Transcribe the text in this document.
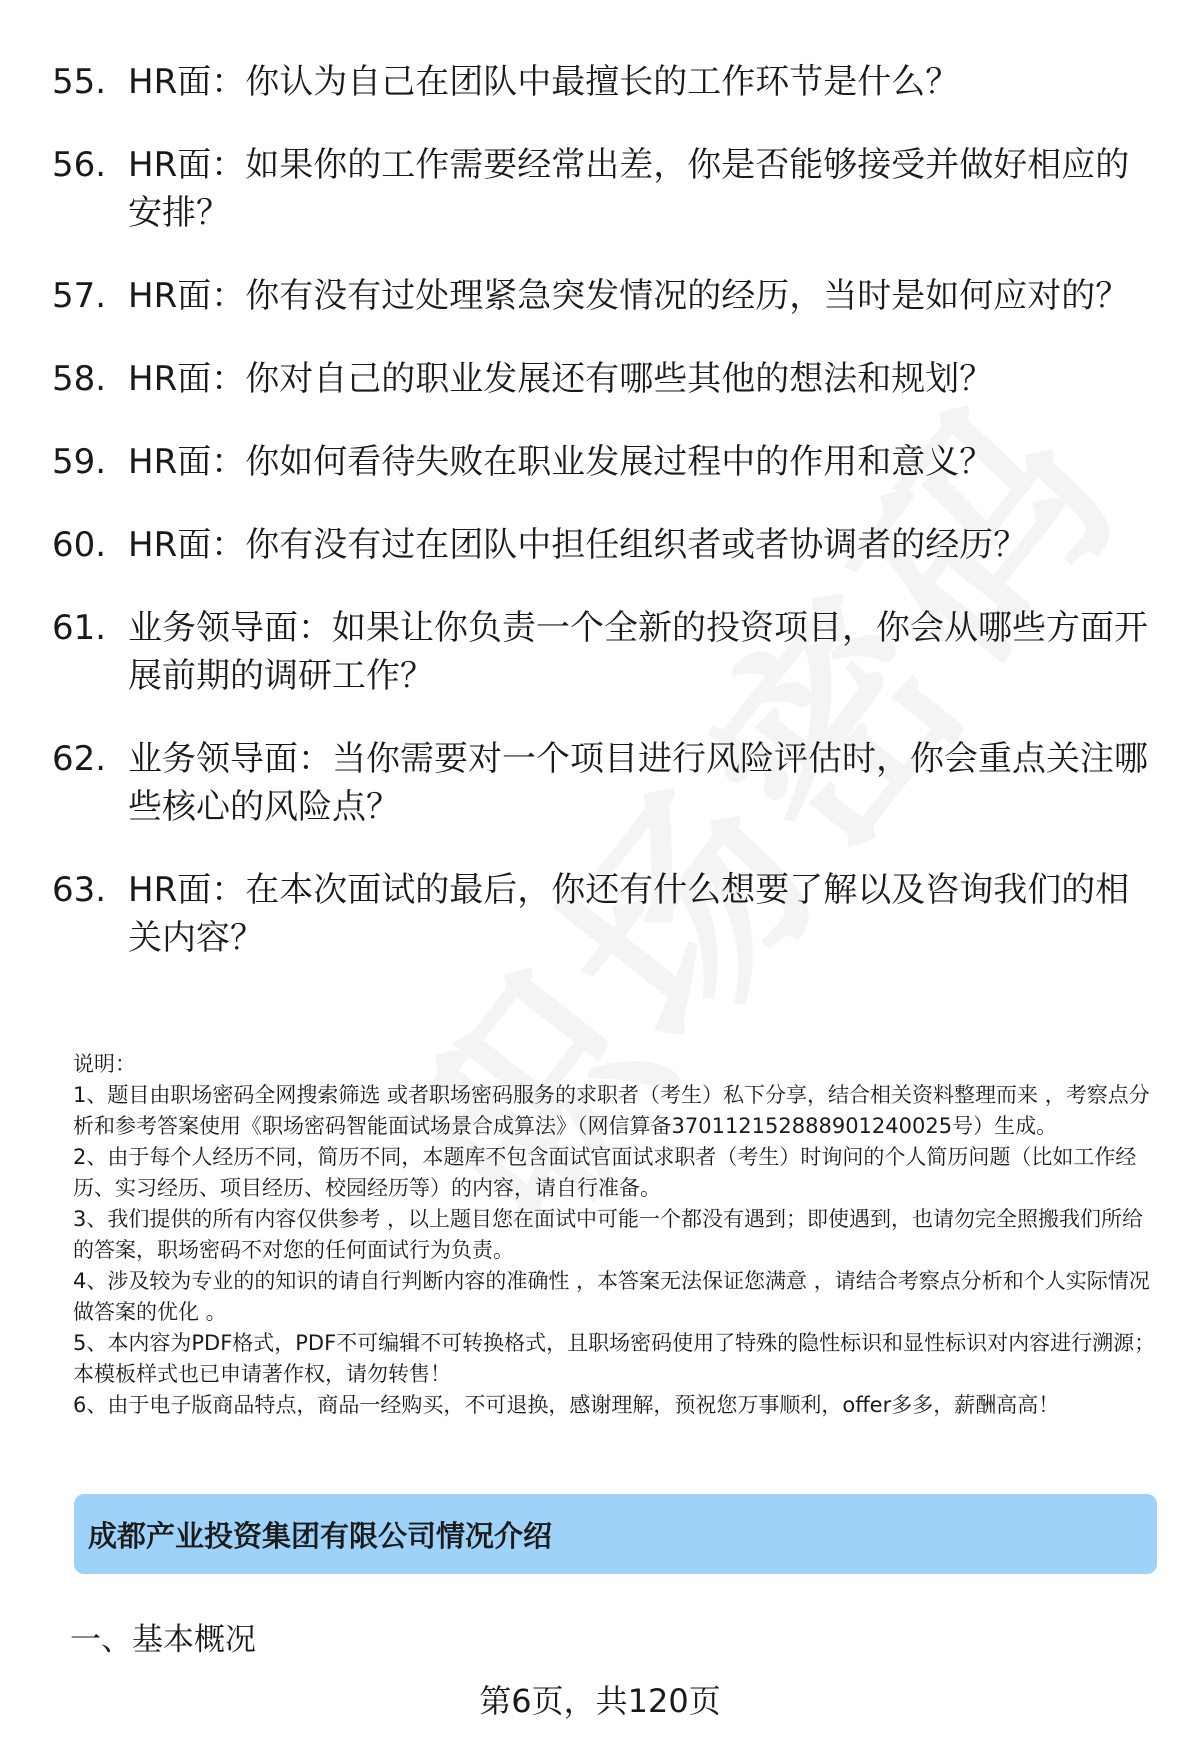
55. HR面：你认为自己在团队中最擅长的工作环节是什么？
56. HR面：如果你的工作需要经常出差，你是否能够接受并做好相应的安排？
57. HR面：你有没有过处理紧急突发情况的经历，当时是如何应对的？
58. HR面：你对自己的职业发展还有哪些其他的想法和规划？
59. HR面：你如何看待失败在职业发展过程中的作用和意义？
60. HR面：你有没有过在团队中担任组织者或者协调者的经历？
61. 业务领导面：如果让你负责一个全新的投资项目，你会从哪些方面开展前期的调研工作？
62. 业务领导面：当你需要对一个项目进行风险评估时，你会重点关注哪些核心的风险点？
63. HR面：在本次面试的最后，你还有什么想要了解以及咨询我们的相关内容？

说明：

1、题目由职场密码全网搜索筛选 或者职场密码服务的求职者（考生）私下分享，结合相关资料整理而来 ，考察点分析和参考答案使用《职场密码智能面试场景合成算法》（网信算备370112152888901240025号）生成。

2、由于每个人经历不同，简历不同，本题库不包含面试官面试求职者（考生）时询问的个人简历问题（比如工作经历、实习经历、项目经历、校园经历等）的内容，请自行准备。

3、我们提供的所有内容仅供参考 ，以上题目您在面试中可能一个都没有遇到；即使遇到，也请勿完全照搬我们所给的答案，职场密码不对您的任何面试行为负责。

4、涉及较为专业的的知识的请自行判断内容的准确性 ，本答案无法保证您满意 ，请结合考察点分析和个人实际情况做答案的优化 。

5、本内容为PDF格式，PDF不可编辑不可转换格式，且职场密码使用了特殊的隐性标识和显性标识对内容进行溯源；本模板样式也已申请著作权，请勿转售！

6、由于电子版商品特点，商品一经购买，不可退换，感谢理解，预祝您万事顺利，offer多多，薪酬高高！

成都产业投资集团有限公司情况介绍
一、基本概况
第6页，共120页
